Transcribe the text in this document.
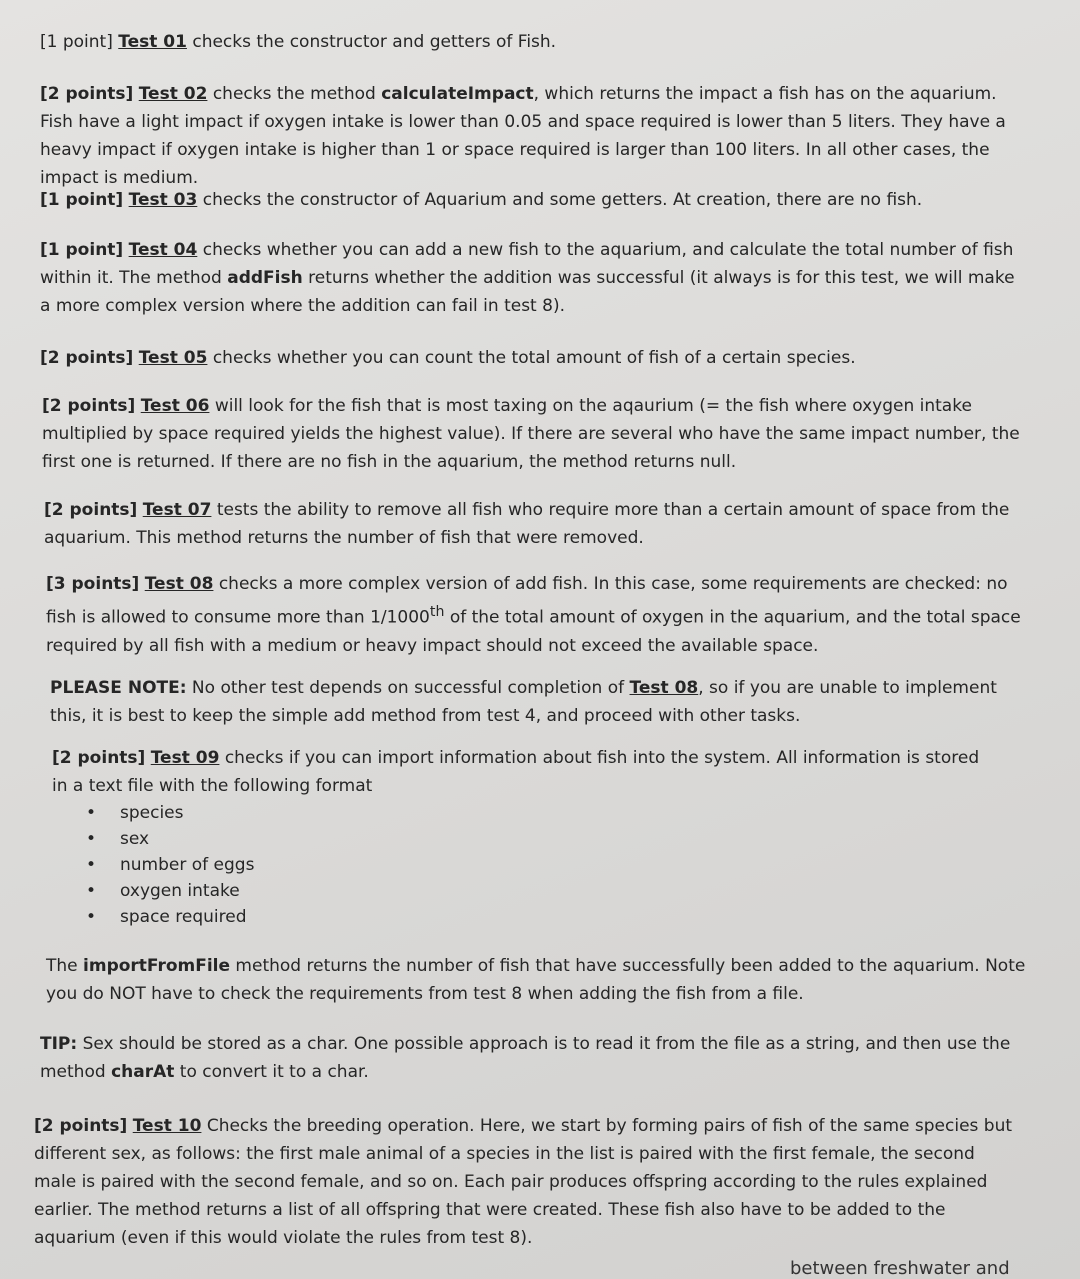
[1 point] Test 01 checks the constructor and getters of Fish.

[2 points] Test 02 checks the method calculateImpact, which returns the impact a fish has on the aquarium. Fish have a light impact if oxygen intake is lower than 0.05 and space required is lower than 5 liters. They have a heavy impact if oxygen intake is higher than 1 or space required is larger than 100 liters. In all other cases, the impact is medium.

[1 point] Test 03 checks the constructor of Aquarium and some getters. At creation, there are no fish.

[1 point] Test 04 checks whether you can add a new fish to the aquarium, and calculate the total number of fish within it. The method addFish returns whether the addition was successful (it always is for this test, we will make a more complex version where the addition can fail in test 8).

[2 points] Test 05 checks whether you can count the total amount of fish of a certain species.

[2 points] Test 06 will look for the fish that is most taxing on the aqaurium (= the fish where oxygen intake multiplied by space required yields the highest value). If there are several who have the same impact number, the first one is returned. If there are no fish in the aquarium, the method returns null.

[2 points] Test 07 tests the ability to remove all fish who require more than a certain amount of space from the aquarium. This method returns the number of fish that were removed.

[3 points] Test 08 checks a more complex version of add fish. In this case, some requirements are checked: no fish is allowed to consume more than 1/1000th of the total amount of oxygen in the aquarium, and the total space required by all fish with a medium or heavy impact should not exceed the available space.

PLEASE NOTE: No other test depends on successful completion of Test 08, so if you are unable to implement this, it is best to keep the simple add method from test 4, and proceed with other tasks.

[2 points] Test 09 checks if you can import information about fish into the system. All information is stored in a text file with the following format

• species
• sex
• number of eggs
• oxygen intake
• space required

The importFromFile method returns the number of fish that have successfully been added to the aquarium. Note you do NOT have to check the requirements from test 8 when adding the fish from a file.

TIP: Sex should be stored as a char. One possible approach is to read it from the file as a string, and then use the method charAt to convert it to a char.

[2 points] Test 10 Checks the breeding operation. Here, we start by forming pairs of fish of the same species but different sex, as follows: the first male animal of a species in the list is paired with the first female, the second male is paired with the second female, and so on. Each pair produces offspring according to the rules explained earlier. The method returns a list of all offspring that were created. These fish also have to be added to the aquarium (even if this would violate the rules from test 8).

between freshwater and
